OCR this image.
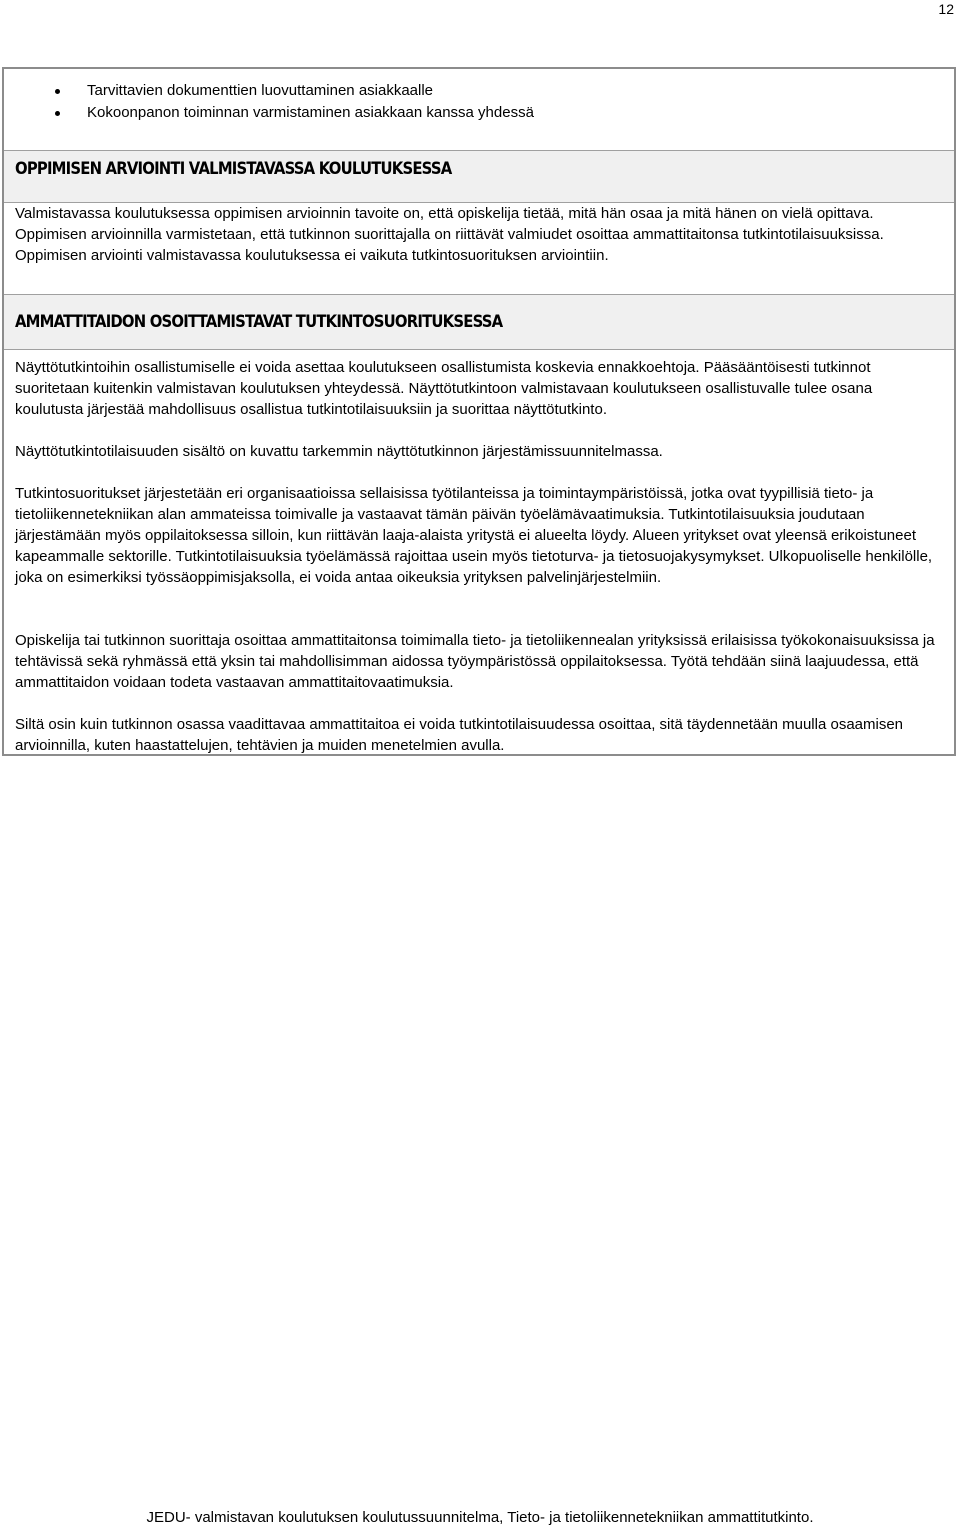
12
Tarvittavien dokumenttien luovuttaminen asiakkaalle
Kokoonpanon toiminnan varmistaminen asiakkaan kanssa yhdessä
OPPIMISEN ARVIOINTI VALMISTAVASSA KOULUTUKSESSA

Valmistavassa koulutuksessa oppimisen arvioinnin tavoite on, että opiskelija tietää, mitä hän osaa ja mitä hänen on vielä opittava. Oppimisen arvioinnilla varmistetaan, että tutkinnon suorittajalla on riittävät valmiudet osoittaa ammattitaitonsa tutkintotilaisuuksissa. Oppimisen arviointi valmistavassa koulutuksessa ei vaikuta tutkintosuorituksen arviointiin.

AMMATTITAIDON OSOITTAMISTAVAT TUTKINTOSUORITUKSESSA

Näyttötutkintoihin osallistumiselle ei voida asettaa koulutukseen osallistumista koskevia ennakkoehtoja. Pääsääntöisesti tutkinnot suoritetaan kuitenkin valmistavan koulutuksen yhteydessä. Näyttötutkintoon valmistavaan koulutukseen osallistuvalle tulee osana koulutusta järjestää mahdollisuus osallistua tutkintotilaisuuksiin ja suorittaa näyttötutkinto.

Näyttötutkintotilaisuuden sisältö on kuvattu tarkemmin näyttötutkinnon järjestämissuunnitelmassa.

Tutkintosuoritukset järjestetään eri organisaatioissa sellaisissa työtilanteissa ja toimintaympäristöissä, jotka ovat tyypillisiä tieto- ja tietoliikennetekniikan alan ammateissa toimivalle ja vastaavat tämän päivän työelämävaatimuksia. Tutkintotilaisuuksia joudutaan järjestämään myös oppilaitoksessa silloin, kun riittävän laaja-alaista yritystä ei alueelta löydy. Alueen yritykset ovat yleensä erikoistuneet kapeammalle sektorille. Tutkintotilaisuuksia työelämässä rajoittaa usein myös tietoturva- ja tietosuojakysymykset. Ulkopuoliselle henkilölle, joka on esimerkiksi työssäoppimisjaksolla, ei voida antaa oikeuksia yrityksen palvelinjärjestelmiin.

Opiskelija tai tutkinnon suorittaja osoittaa ammattitaitonsa toimimalla tieto- ja tietoliikennealan yrityksissä erilaisissa työkokonaisuuksissa ja tehtävissä sekä ryhmässä että yksin tai mahdollisimman aidossa työympäristössä oppilaitoksessa. Työtä tehdään siinä laajuudessa, että ammattitaidon voidaan todeta vastaavan ammattitaitovaatimuksia.

Siltä osin kuin tutkinnon osassa vaadittavaa ammattitaitoa ei voida tutkintotilaisuudessa osoittaa, sitä täydennetään muulla osaamisen arvioinnilla, kuten haastattelujen, tehtävien ja muiden menetelmien avulla.

JEDU- valmistavan koulutuksen koulutussuunnitelma, Tieto- ja tietoliikennetekniikan ammattitutkinto.
